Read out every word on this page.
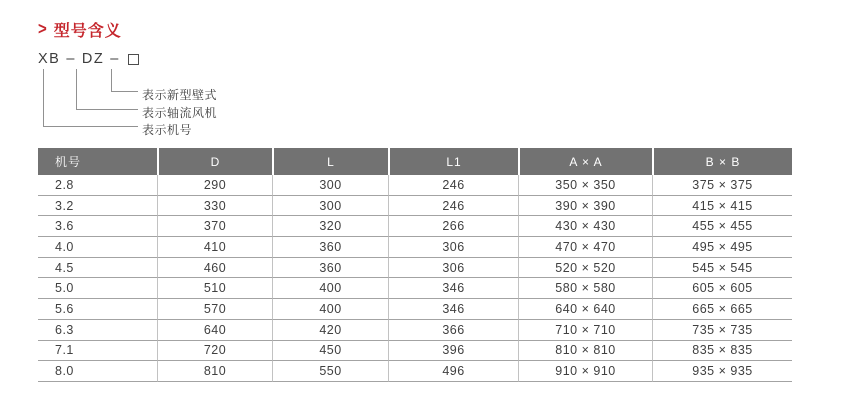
> 型号含义
XB – DZ –
表示新型壁式
表示轴流风机
表示机号
机号	D	L	L1	A × A	B × B
2.8	290	300	246	350 × 350	375 × 375
3.2	330	300	246	390 × 390	415 × 415
3.6	370	320	266	430 × 430	455 × 455
4.0	410	360	306	470 × 470	495 × 495
4.5	460	360	306	520 × 520	545 × 545
5.0	510	400	346	580 × 580	605 × 605
5.6	570	400	346	640 × 640	665 × 665
6.3	640	420	366	710 × 710	735 × 735
7.1	720	450	396	810 × 810	835 × 835
8.0	810	550	496	910 × 910	935 × 935
